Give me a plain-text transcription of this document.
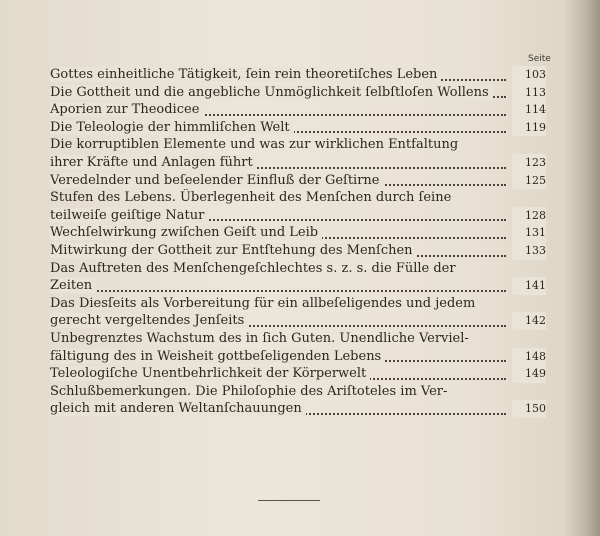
Seite
Gottes einheitliche Tätigkeit, ſein rein theoretiſches Leben	103
Die Gottheit und die angebliche Unmöglichkeit ſelbſtloſen Wollens	113
Aporien zur Theodicee	114
Die Teleologie der himmliſchen Welt	119
Die korruptiblen Elemente und was zur wirklichen Entfaltung
ihrer Kräfte und Anlagen führt	123
Veredelnder und beſeelender Einfluß der Geſtirne	125
Stufen des Lebens. Überlegenheit des Menſchen durch ſeine
teilweiſe geiſtige Natur	128
Wechſelwirkung zwiſchen Geiſt und Leib	131
Mitwirkung der Gottheit zur Entſtehung des Menſchen	133
Das Auftreten des Menſchengeſchlechtes s. z. s. die Fülle der
Zeiten	141
Das Diesſeits als Vorbereitung für ein allbeſeligendes und jedem
gerecht vergeltendes Jenſeits	142
Unbegrenztes Wachstum des in ſich Guten. Unendliche Verviel-
fältigung des in Weisheit gottbeſeligenden Lebens	148
Teleologiſche Unentbehrlichkeit der Körperwelt	149
Schlußbemerkungen. Die Philoſophie des Ariſtoteles im Ver-
gleich mit anderen Weltanſchauungen	150
